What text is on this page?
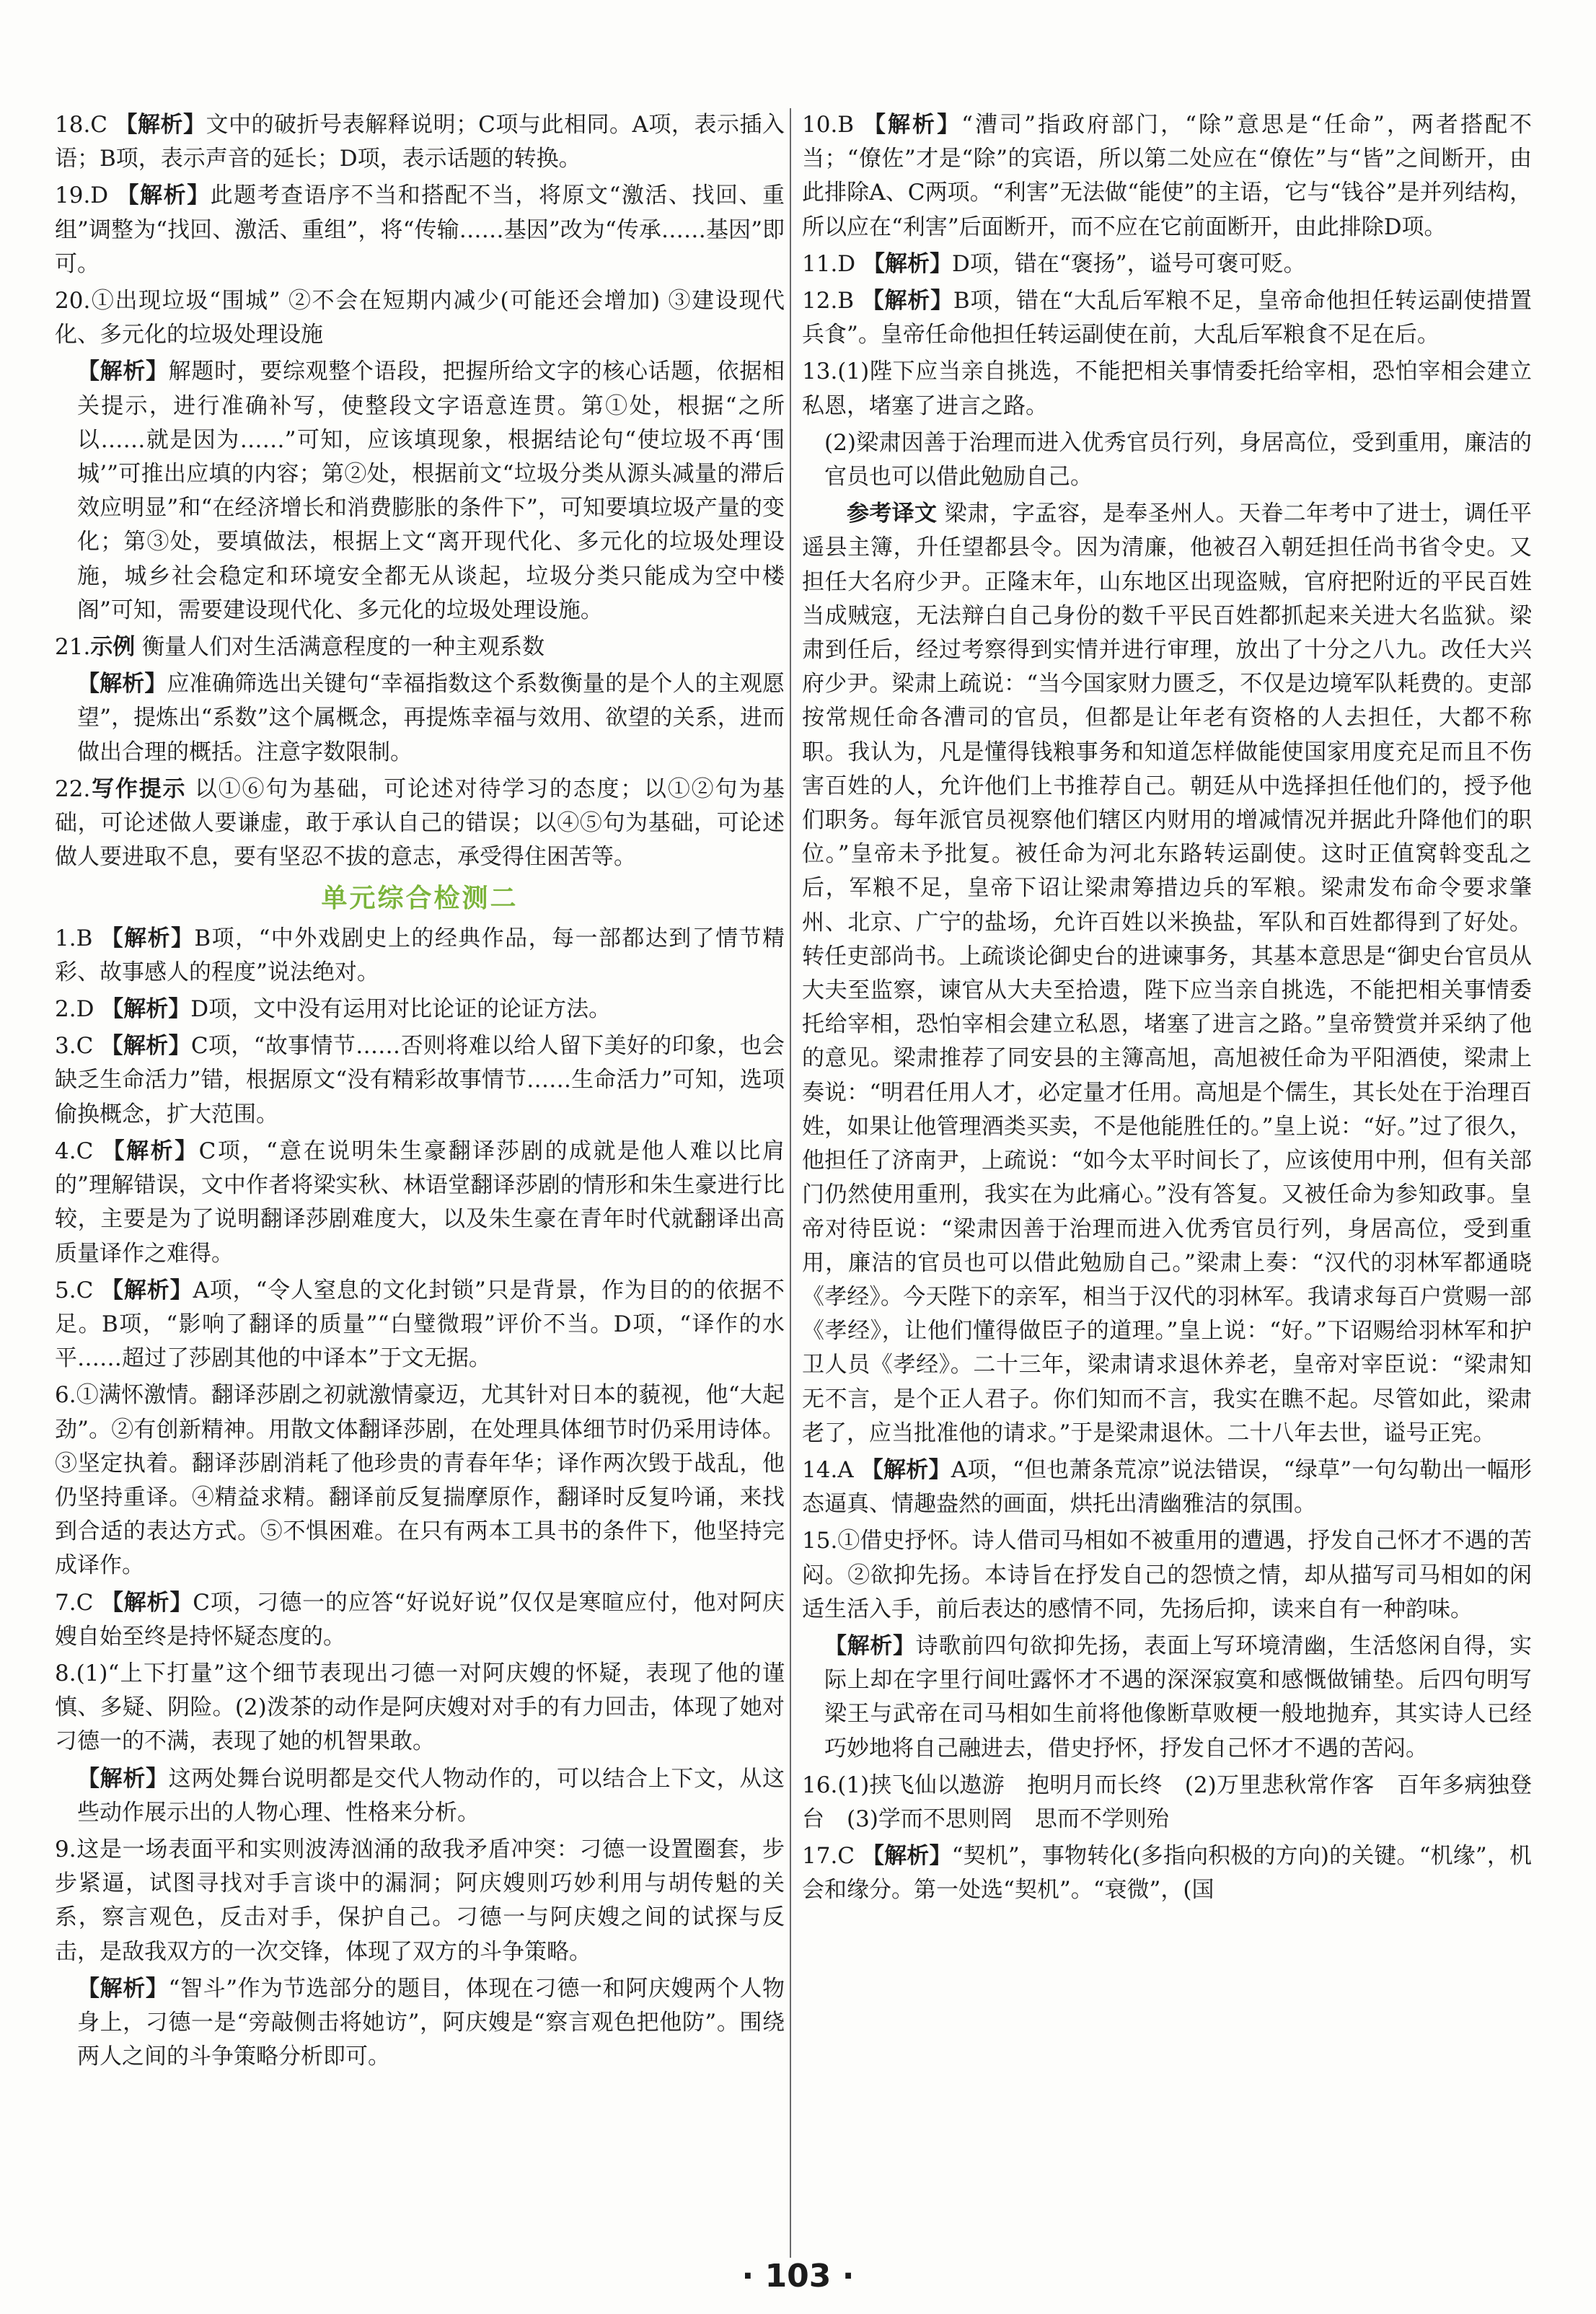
18.C 【解析】文中的破折号表解释说明；C项与此相同。A项，表示插入语；B项，表示声音的延长；D项，表示话题的转换。

19.D 【解析】此题考查语序不当和搭配不当，将原文“激活、找回、重组”调整为“找回、激活、重组”，将“传输……基因”改为“传承……基因”即可。

20.①出现垃圾“围城” ②不会在短期内减少(可能还会增加) ③建设现代化、多元化的垃圾处理设施

【解析】解题时，要综观整个语段，把握所给文字的核心话题，依据相关提示，进行准确补写，使整段文字语意连贯。第①处，根据“之所以……就是因为……”可知，应该填现象，根据结论句“使垃圾不再‘围城’”可推出应填的内容；第②处，根据前文“垃圾分类从源头减量的滞后效应明显”和“在经济增长和消费膨胀的条件下”，可知要填垃圾产量的变化；第③处，要填做法，根据上文“离开现代化、多元化的垃圾处理设施，城乡社会稳定和环境安全都无从谈起，垃圾分类只能成为空中楼阁”可知，需要建设现代化、多元化的垃圾处理设施。

21.示例 衡量人们对生活满意程度的一种主观系数

【解析】应准确筛选出关键句“幸福指数这个系数衡量的是个人的主观愿望”，提炼出“系数”这个属概念，再提炼幸福与效用、欲望的关系，进而做出合理的概括。注意字数限制。

22.写作提示 以①⑥句为基础，可论述对待学习的态度；以①②句为基础，可论述做人要谦虚，敢于承认自己的错误；以④⑤句为基础，可论述做人要进取不息，要有坚忍不拔的意志，承受得住困苦等。

单元综合检测二

1.B 【解析】B项，“中外戏剧史上的经典作品，每一部都达到了情节精彩、故事感人的程度”说法绝对。

2.D 【解析】D项，文中没有运用对比论证的论证方法。

3.C 【解析】C项，“故事情节……否则将难以给人留下美好的印象，也会缺乏生命活力”错，根据原文“没有精彩故事情节……生命活力”可知，选项偷换概念，扩大范围。

4.C 【解析】C项，“意在说明朱生豪翻译莎剧的成就是他人难以比肩的”理解错误，文中作者将梁实秋、林语堂翻译莎剧的情形和朱生豪进行比较，主要是为了说明翻译莎剧难度大，以及朱生豪在青年时代就翻译出高质量译作之难得。

5.C 【解析】A项，“令人窒息的文化封锁”只是背景，作为目的的依据不足。B项，“影响了翻译的质量”“白璧微瑕”评价不当。D项，“译作的水平……超过了莎剧其他的中译本”于文无据。

6.①满怀激情。翻译莎剧之初就激情豪迈，尤其针对日本的藐视，他“大起劲”。②有创新精神。用散文体翻译莎剧，在处理具体细节时仍采用诗体。③坚定执着。翻译莎剧消耗了他珍贵的青春年华；译作两次毁于战乱，他仍坚持重译。④精益求精。翻译前反复揣摩原作，翻译时反复吟诵，来找到合适的表达方式。⑤不惧困难。在只有两本工具书的条件下，他坚持完成译作。

7.C 【解析】C项，刁德一的应答“好说好说”仅仅是寒暄应付，他对阿庆嫂自始至终是持怀疑态度的。

8.(1)“上下打量”这个细节表现出刁德一对阿庆嫂的怀疑，表现了他的谨慎、多疑、阴险。(2)泼茶的动作是阿庆嫂对对手的有力回击，体现了她对刁德一的不满，表现了她的机智果敢。

【解析】这两处舞台说明都是交代人物动作的，可以结合上下文，从这些动作展示出的人物心理、性格来分析。

9.这是一场表面平和实则波涛汹涌的敌我矛盾冲突：刁德一设置圈套，步步紧逼，试图寻找对手言谈中的漏洞；阿庆嫂则巧妙利用与胡传魁的关系，察言观色，反击对手，保护自己。刁德一与阿庆嫂之间的试探与反击，是敌我双方的一次交锋，体现了双方的斗争策略。

【解析】“智斗”作为节选部分的题目，体现在刁德一和阿庆嫂两个人物身上，刁德一是“旁敲侧击将她访”，阿庆嫂是“察言观色把他防”。围绕两人之间的斗争策略分析即可。

10.B 【解析】“漕司”指政府部门，“除”意思是“任命”，两者搭配不当；“僚佐”才是“除”的宾语，所以第二处应在“僚佐”与“皆”之间断开，由此排除A、C两项。“利害”无法做“能使”的主语，它与“钱谷”是并列结构，所以应在“利害”后面断开，而不应在它前面断开，由此排除D项。

11.D 【解析】D项，错在“褒扬”，谥号可褒可贬。

12.B 【解析】B项，错在“大乱后军粮不足，皇帝命他担任转运副使措置兵食”。皇帝任命他担任转运副使在前，大乱后军粮食不足在后。

13.(1)陛下应当亲自挑选，不能把相关事情委托给宰相，恐怕宰相会建立私恩，堵塞了进言之路。

(2)梁肃因善于治理而进入优秀官员行列，身居高位，受到重用，廉洁的官员也可以借此勉励自己。

参考译文 梁肃，字孟容，是奉圣州人。天眷二年考中了进士，调任平遥县主簿，升任望都县令。因为清廉，他被召入朝廷担任尚书省令史。又担任大名府少尹。正隆末年，山东地区出现盗贼，官府把附近的平民百姓当成贼寇，无法辩白自己身份的数千平民百姓都抓起来关进大名监狱。梁肃到任后，经过考察得到实情并进行审理，放出了十分之八九。改任大兴府少尹。梁肃上疏说：“当今国家财力匮乏，不仅是边境军队耗费的。吏部按常规任命各漕司的官员，但都是让年老有资格的人去担任，大都不称职。我认为，凡是懂得钱粮事务和知道怎样做能使国家用度充足而且不伤害百姓的人，允许他们上书推荐自己。朝廷从中选择担任他们的，授予他们职务。每年派官员视察他们辖区内财用的增减情况并据此升降他们的职位。”皇帝未予批复。被任命为河北东路转运副使。这时正值窝斡变乱之后，军粮不足，皇帝下诏让梁肃筹措边兵的军粮。梁肃发布命令要求肇州、北京、广宁的盐场，允许百姓以米换盐，军队和百姓都得到了好处。转任吏部尚书。上疏谈论御史台的进谏事务，其基本意思是“御史台官员从大夫至监察，谏官从大夫至拾遗，陛下应当亲自挑选，不能把相关事情委托给宰相，恐怕宰相会建立私恩，堵塞了进言之路。”皇帝赞赏并采纳了他的意见。梁肃推荐了同安县的主簿高旭，高旭被任命为平阳酒使，梁肃上奏说：“明君任用人才，必定量才任用。高旭是个儒生，其长处在于治理百姓，如果让他管理酒类买卖，不是他能胜任的。”皇上说：“好。”过了很久，他担任了济南尹，上疏说：“如今太平时间长了，应该使用中刑，但有关部门仍然使用重刑，我实在为此痛心。”没有答复。又被任命为参知政事。皇帝对待臣说：“梁肃因善于治理而进入优秀官员行列，身居高位，受到重用，廉洁的官员也可以借此勉励自己。”梁肃上奏：“汉代的羽林军都通晓《孝经》。今天陛下的亲军，相当于汉代的羽林军。我请求每百户赏赐一部《孝经》，让他们懂得做臣子的道理。”皇上说：“好。”下诏赐给羽林军和护卫人员《孝经》。二十三年，梁肃请求退休养老，皇帝对宰臣说：“梁肃知无不言，是个正人君子。你们知而不言，我实在瞧不起。尽管如此，梁肃老了，应当批准他的请求。”于是梁肃退休。二十八年去世，谥号正宪。

14.A 【解析】A项，“但也萧条荒凉”说法错误，“绿草”一句勾勒出一幅形态逼真、情趣盎然的画面，烘托出清幽雅洁的氛围。

15.①借史抒怀。诗人借司马相如不被重用的遭遇，抒发自己怀才不遇的苦闷。②欲抑先扬。本诗旨在抒发自己的怨愤之情，却从描写司马相如的闲适生活入手，前后表达的感情不同，先扬后抑，读来自有一种韵味。

【解析】诗歌前四句欲抑先扬，表面上写环境清幽，生活悠闲自得，实际上却在字里行间吐露怀才不遇的深深寂寞和感慨做铺垫。后四句明写梁王与武帝在司马相如生前将他像断草败梗一般地抛弃，其实诗人已经巧妙地将自己融进去，借史抒怀，抒发自己怀才不遇的苦闷。

16.(1)挟飞仙以遨游　抱明月而长终　(2)万里悲秋常作客　百年多病独登台　(3)学而不思则罔　思而不学则殆

17.C 【解析】“契机”，事物转化(多指向积极的方向)的关键。“机缘”，机会和缘分。第一处选“契机”。“衰微”，(国

· 103 ·
